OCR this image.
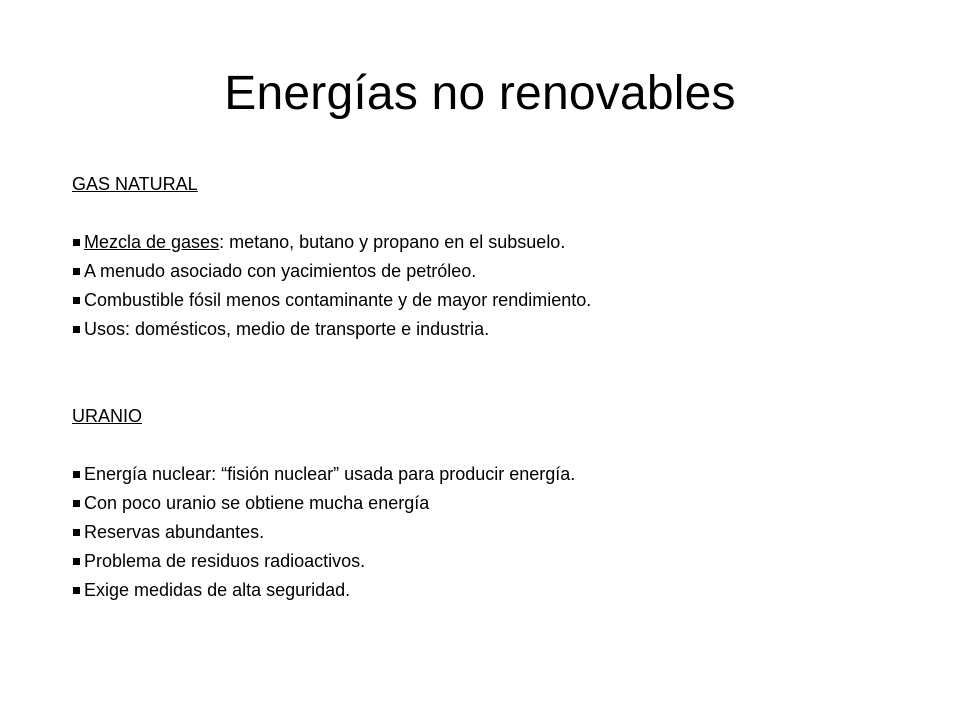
Energías no renovables
GAS NATURAL
Mezcla de gases: metano, butano y propano en el subsuelo.
A menudo asociado con yacimientos de petróleo.
Combustible fósil menos contaminante y de mayor rendimiento.
Usos: domésticos, medio de transporte e industria.
URANIO
Energía nuclear: “fisión nuclear” usada para producir energía.
Con poco uranio se obtiene mucha energía
Reservas abundantes.
Problema de residuos radioactivos.
Exige medidas de alta seguridad.
